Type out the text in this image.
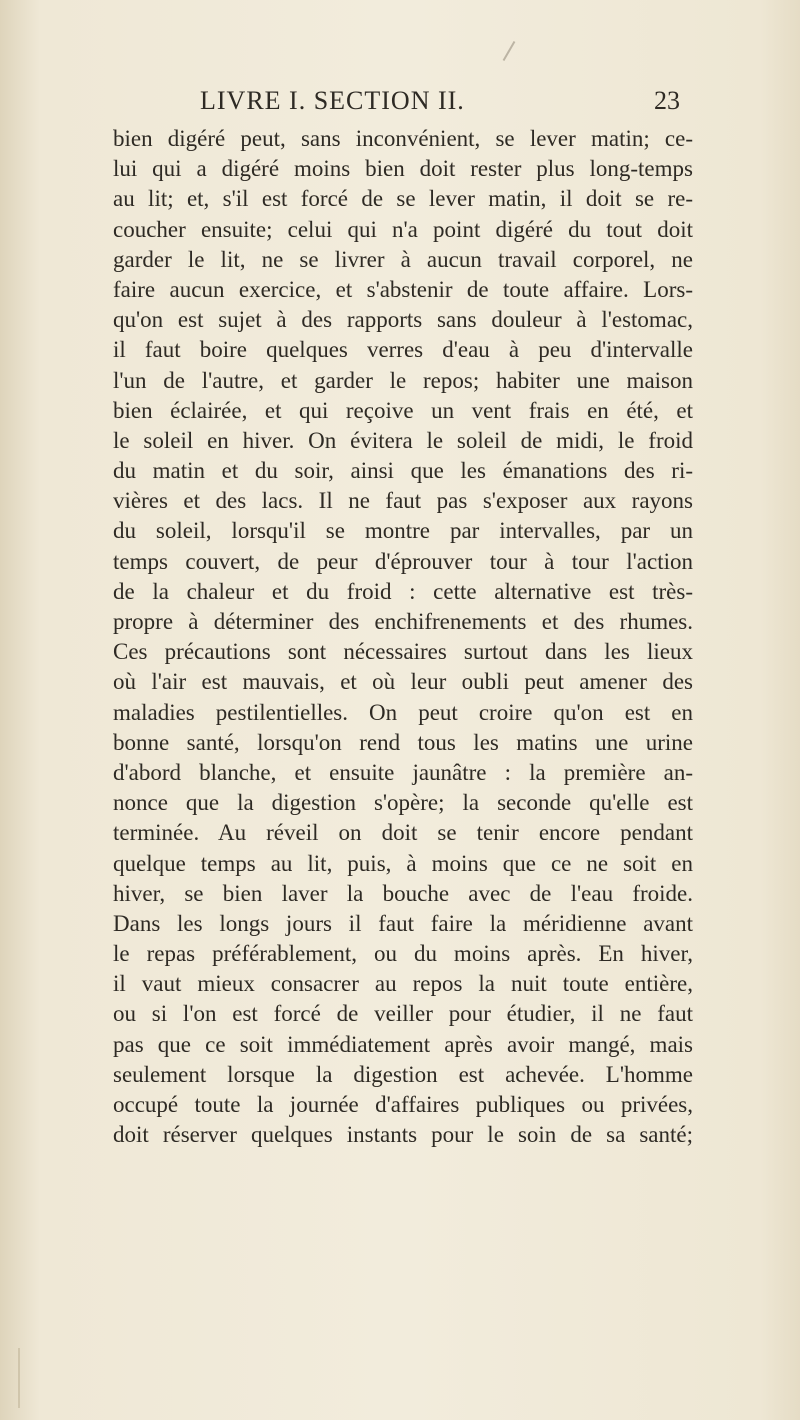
LIVRE I. SECTION II.	23
bien digéré peut, sans inconvénient, se lever matin; ce-
lui qui a digéré moins bien doit rester plus long-temps
au lit; et, s'il est forcé de se lever matin, il doit se re-
coucher ensuite; celui qui n'a point digéré du tout doit
garder le lit, ne se livrer à aucun travail corporel, ne
faire aucun exercice, et s'abstenir de toute affaire. Lors-
qu'on est sujet à des rapports sans douleur à l'estomac,
il faut boire quelques verres d'eau à peu d'intervalle
l'un de l'autre, et garder le repos; habiter une maison
bien éclairée, et qui reçoive un vent frais en été, et
le soleil en hiver. On évitera le soleil de midi, le froid
du matin et du soir, ainsi que les émanations des ri-
vières et des lacs. Il ne faut pas s'exposer aux rayons
du soleil, lorsqu'il se montre par intervalles, par un
temps couvert, de peur d'éprouver tour à tour l'action
de la chaleur et du froid : cette alternative est très-
propre à déterminer des enchifrenements et des rhumes.
Ces précautions sont nécessaires surtout dans les lieux
où l'air est mauvais, et où leur oubli peut amener des
maladies pestilentielles. On peut croire qu'on est en
bonne santé, lorsqu'on rend tous les matins une urine
d'abord blanche, et ensuite jaunâtre : la première an-
nonce que la digestion s'opère; la seconde qu'elle est
terminée. Au réveil on doit se tenir encore pendant
quelque temps au lit, puis, à moins que ce ne soit en
hiver, se bien laver la bouche avec de l'eau froide.
Dans les longs jours il faut faire la méridienne avant
le repas préférablement, ou du moins après. En hiver,
il vaut mieux consacrer au repos la nuit toute entière,
ou si l'on est forcé de veiller pour étudier, il ne faut
pas que ce soit immédiatement après avoir mangé, mais
seulement lorsque la digestion est achevée. L'homme
occupé toute la journée d'affaires publiques ou privées,
doit réserver quelques instants pour le soin de sa santé;
